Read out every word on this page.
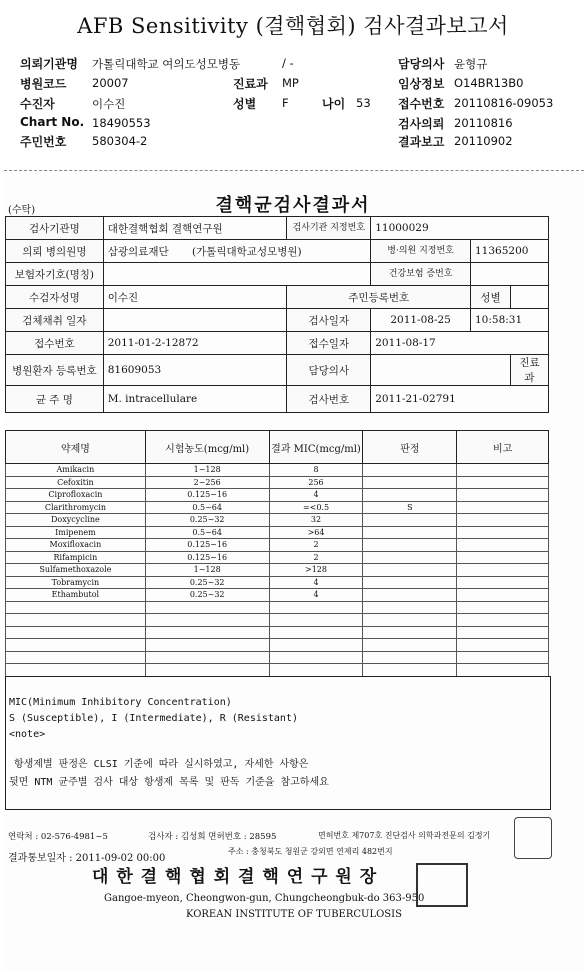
AFB Sensitivity (결핵협회) 검사결과보고서
의뢰기관명 가톨릭대학교 여의도성모병동	/ -	담당의사 윤형규
병원코드 20007	진료과 MP	임상정보 O14BR13B0
수진자	이수진	성별 F	나이 53 접수번호 20110816-09053
Chart No. 18490553	검사의뢰 20110816
주민번호 580304-2	결과보고 20110902
(수탁)	결핵균검사결과서
검사기관명	대한결핵협회 결핵연구원	검사기관 지정번호	11000029		
의뢰 병의원명	삼광의료재단 (가톨릭대학교성모병원)		병·의원 지정번호	11365200	
보험자기호(명칭)			건강보험 증번호		
수검자성명	이수진	주민등록번호		성별	
검체채취 일자		검사일자	2011-08-25	10:58:31	
접수번호	2011-01-2-12872	접수일자	2011-08-17		
병원환자 등록번호	81609053	담당의사			진료과
균 주 명	M. intracellulare	검사번호	2011-21-02791		
약제명	시험농도(mcg/ml)	결과 MIC(mcg/ml)	판정	비고
Amikacin	1~128	8		
Cefoxitin	2~256	256		
Ciprofloxacin	0.125~16	4		
Clarithromycin	0.5~64	=<0.5	S	
Doxycycline	0.25~32	32		
Imipenem	0.5~64	>64		
Moxifloxacin	0.125~16	2		
Rifampicin	0.125~16	2		
Sulfamethoxazole	1~128	>128		
Tobramycin	0.25~32	4		
Ethambutol	0.25~32	4		

MIC(Minimum Inhibitory Concentration)
S (Susceptible), I (Intermediate), R (Resistant)
<note>
항생제별 판정은 CLSI 기준에 따라 실시하였고, 자세한 사항은
뒷면 NTM 균주별 검사 대상 항생제 목록 및 판독 기준을 참고하세요
연락처 : 02-576-4981~5	검사자 : 김성희 면허번호 : 28595	면허번호 제707호 진단검사 의학과전문의 김정기
결과통보일자 : 2011-09-02 00:00
주소 : 충청북도 청원군 강외면 연제리 482번지
대 한 결 핵 협 회 결 핵 연 구 원 장
Gangoe-myeon, Cheongwon-gun, Chungcheongbuk-do 363-950
KOREAN INSTITUTE OF TUBERCULOSIS
